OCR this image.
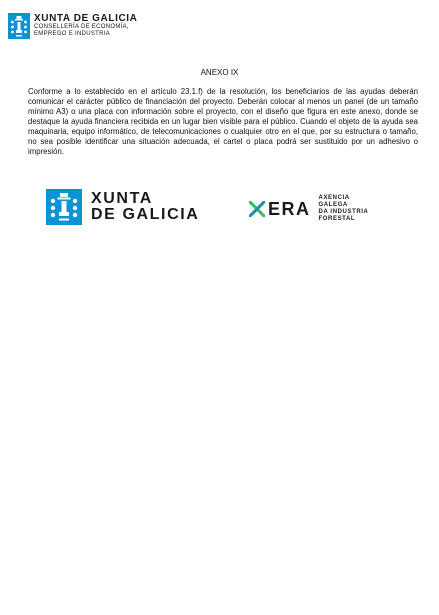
XUNTA DE GALICIA
CONSELLERÍA DE ECONOMÍA,
EMPREGO E INDUSTRIA
ANEXO IX

Conforme a lo establecido en el artículo 23.1.f) de la resolución, los beneficiarios de las ayudas deberán comunicar el carácter público de financiación del proyecto. Deberán colocar al menos un panel (de un tamaño mínimo A3) o una placa con información sobre el proyecto, con el diseño que figura en este anexo, donde se destaque la ayuda financiera recibida en un lugar bien visible para el público. Cuando el objeto de la ayuda sea maquinaria, equipo informático, de telecomunicaciones o cualquier otro en el que, por su estructura o tamaño, no sea posible identificar una situación adecuada, el cartel o placa podrá ser sustituido por un adhesivo o impresión.

XUNTA
DE GALICIA	ERA
AXENCIA
GALEGA
DA INDUSTRIA
FORESTAL
